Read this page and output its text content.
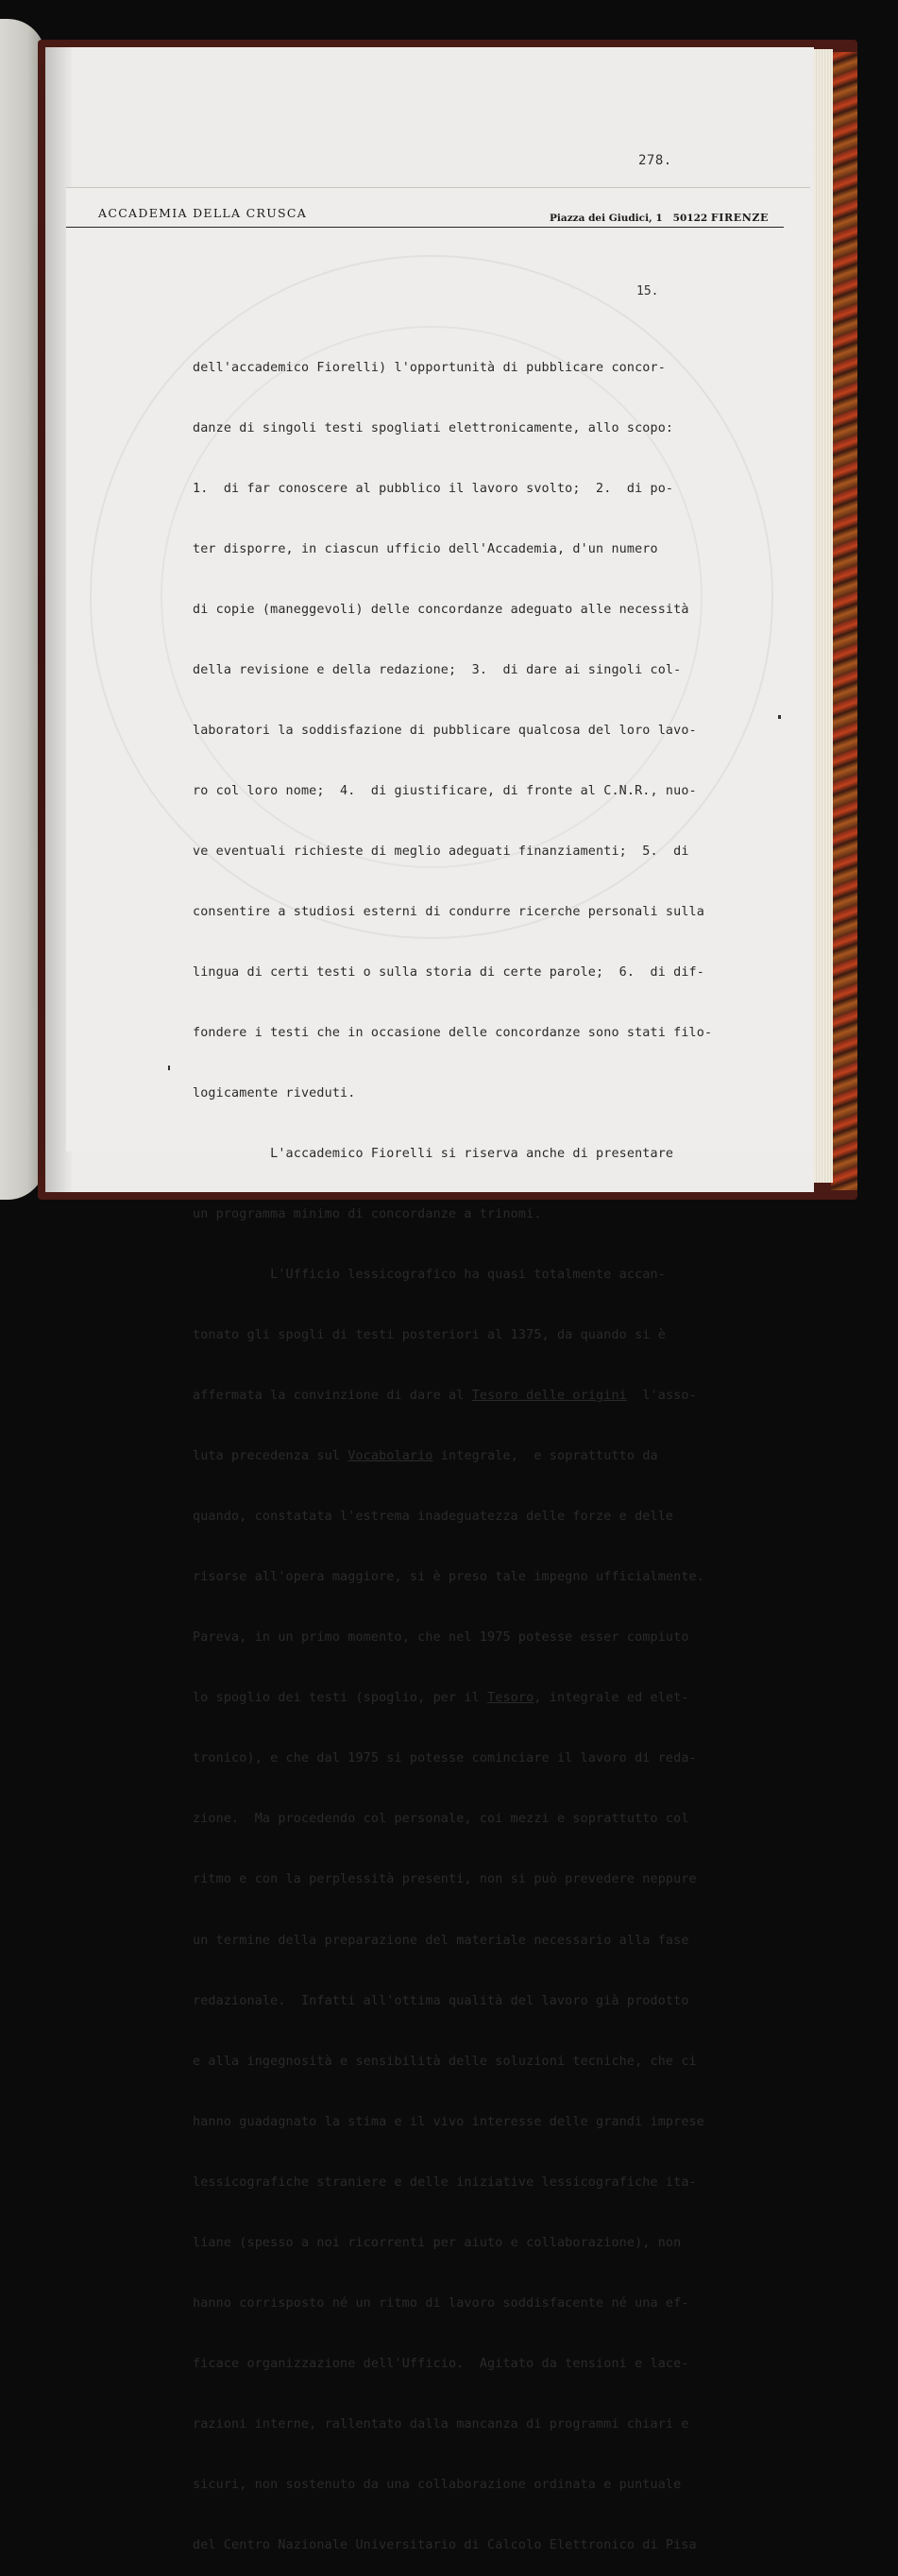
278.
ACCADEMIA DELLA CRUSCA	Piazza dei Giudici, 1 50122 FIRENZE
15.

dell'accademico Fiorelli) l'opportunità di pubblicare concor-

danze di singoli testi spogliati elettronicamente, allo scopo:

1.  di far conoscere al pubblico il lavoro svolto;  2.  di po-

ter disporre, in ciascun ufficio dell'Accademia, d'un numero

di copie (maneggevoli) delle concordanze adeguato alle necessità

della revisione e della redazione;  3.  di dare ai singoli col-

laboratori la soddisfazione di pubblicare qualcosa del loro lavo-

ro col loro nome;  4.  di giustificare, di fronte al C.N.R., nuo-

ve eventuali richieste di meglio adeguati finanziamenti;  5.  di

consentire a studiosi esterni di condurre ricerche personali sulla

lingua di certi testi o sulla storia di certe parole;  6.  di dif-

fondere i testi che in occasione delle concordanze sono stati filo-

logicamente riveduti.

L'accademico Fiorelli si riserva anche di presentare

un programma minimo di concordanze a trinomi.

L'Ufficio lessicografico ha quasi totalmente accan-

tonato gli spogli di testi posteriori al 1375, da quando si è

affermata la convinzione di dare al Tesoro delle origini  l'asso-

luta precedenza sul Vocabolario integrale,  e soprattutto da

quando, constatata l'estrema inadeguatezza delle forze e delle

risorse all'opera maggiore, si è preso tale impegno ufficialmente.

Pareva, in un primo momento, che nel 1975 potesse esser compiuto

lo spoglio dei testi (spoglio, per il Tesoro, integrale ed elet-

tronico), e che dal 1975 si potesse cominciare il lavoro di reda-

zione.  Ma procedendo col personale, coi mezzi e soprattutto col

ritmo e con la perplessità presenti, non si può prevedere neppure

un termine della preparazione del materiale necessario alla fase

redazionale.  Infatti all'ottima qualità del lavoro già prodotto

e alla ingegnosità e sensibilità delle soluzioni tecniche, che ci

hanno guadagnato la stima e il vivo interesse delle grandi imprese

lessicografiche straniere e delle iniziative lessicografiche ita-

liane (spesso a noi ricorrenti per aiuto e collaborazione), non

hanno corrisposto né un ritmo di lavoro soddisfacente né una ef-

ficace organizzazione dell'Ufficio.  Agitato da tensioni e lace-

razioni interne, rallentato dalla mancanza di programmi chiari e

sicuri, non sostenuto da una collaborazione ordinata e puntuale

del Centro Nazionale Universitario di Calcolo Elettronico di Pisa
